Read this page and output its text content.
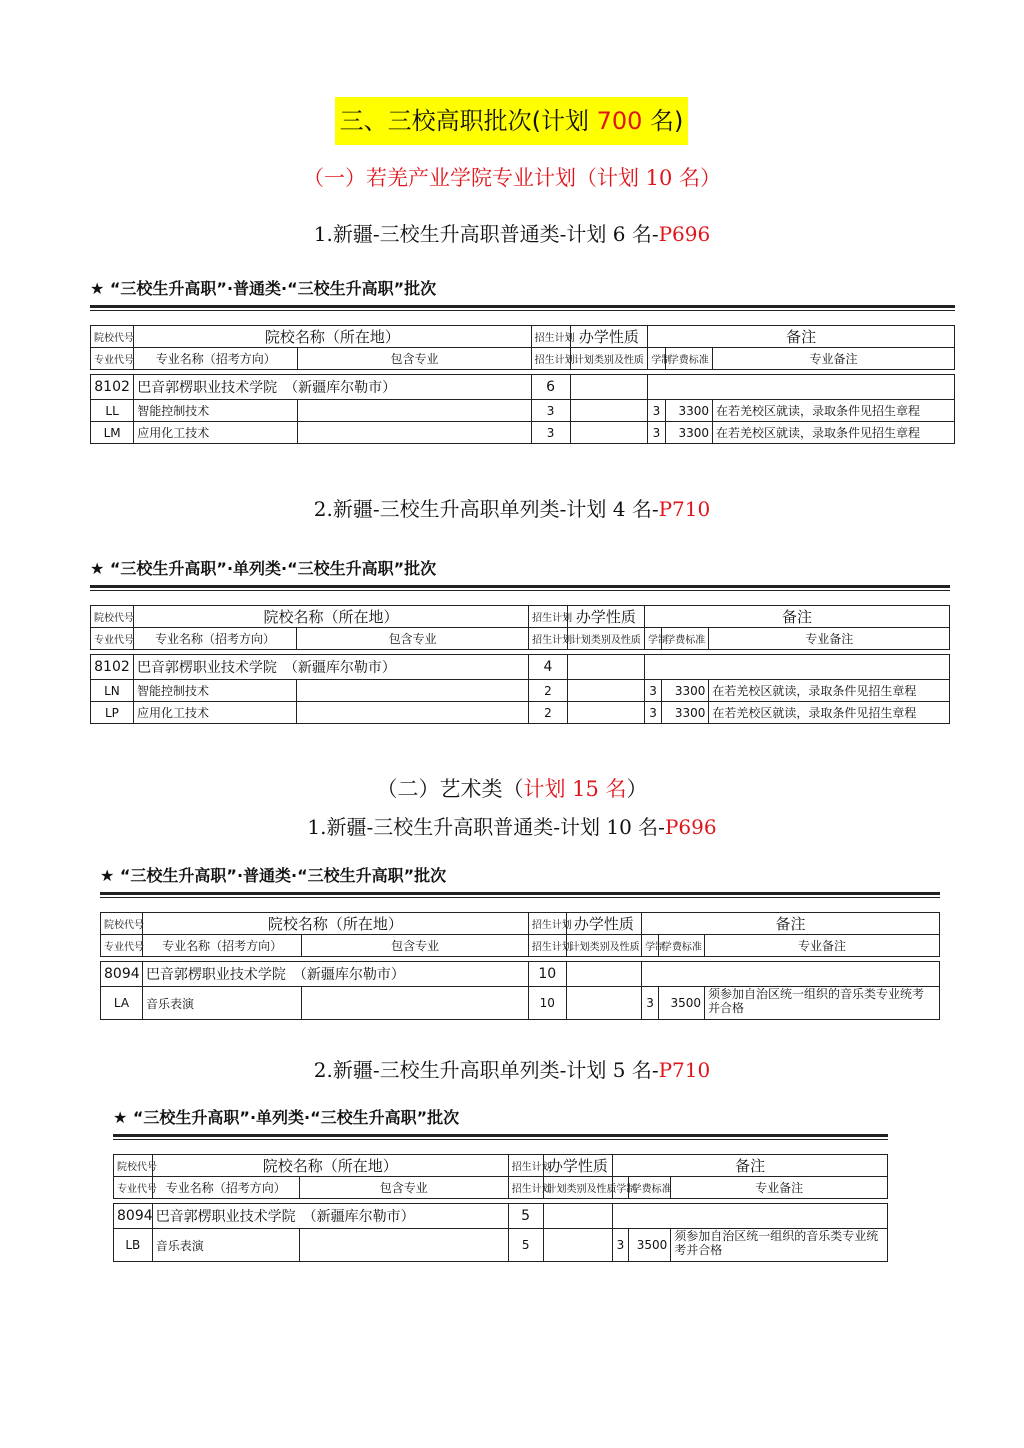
三、三校高职批次(计划 700 名)
（一）若羌产业学院专业计划（计划 10 名）
1.新疆-三校生升高职普通类-计划 6 名-P696
2.新疆-三校生升高职单列类-计划 4 名-P710
（二）艺术类（计划 15 名）
1.新疆-三校生升高职普通类-计划 10 名-P696
2.新疆-三校生升高职单列类-计划 5 名-P710
★ “三校生升高职”·普通类·“三校生升高职”批次
院校代号	院校名称（所在地）		招生计划	办学性质	备注		
专业代号	专业名称（招考方向）	包含专业	招生计划	计划类别及性质	学制	学费标准	专业备注

8102	巴音郭楞职业技术学院　（新疆库尔勒市）		6				
LL	智能控制技术		3		3	3300	在若羌校区就读，录取条件见招生章程
LM	应用化工技术		3		3	3300	在若羌校区就读，录取条件见招生章程
★ “三校生升高职”·单列类·“三校生升高职”批次
院校代号	院校名称（所在地）		招生计划	办学性质	备注		
专业代号	专业名称（招考方向）	包含专业	招生计划	计划类别及性质	学制	学费标准	专业备注

8102	巴音郭楞职业技术学院　（新疆库尔勒市）		4				
LN	智能控制技术		2		3	3300	在若羌校区就读，录取条件见招生章程
LP	应用化工技术		2		3	3300	在若羌校区就读，录取条件见招生章程
★ “三校生升高职”·普通类·“三校生升高职”批次
院校代号	院校名称（所在地）		招生计划	办学性质	备注		
专业代号	专业名称（招考方向）	包含专业	招生计划	计划类别及性质	学制	学费标准	专业备注

8094	巴音郭楞职业技术学院　（新疆库尔勒市）		10				
LA	音乐表演		10		3	3500	须参加自治区统一组织的音乐类专业统考并合格
★ “三校生升高职”·单列类·“三校生升高职”批次
院校代号	院校名称（所在地）		招生计划	办学性质	备注		
专业代号	专业名称（招考方向）	包含专业	招生计划	计划类别及性质	学制	学费标准	专业备注

8094	巴音郭楞职业技术学院　（新疆库尔勒市）		5				
LB	音乐表演		5		3	3500	须参加自治区统一组织的音乐类专业统考并合格
